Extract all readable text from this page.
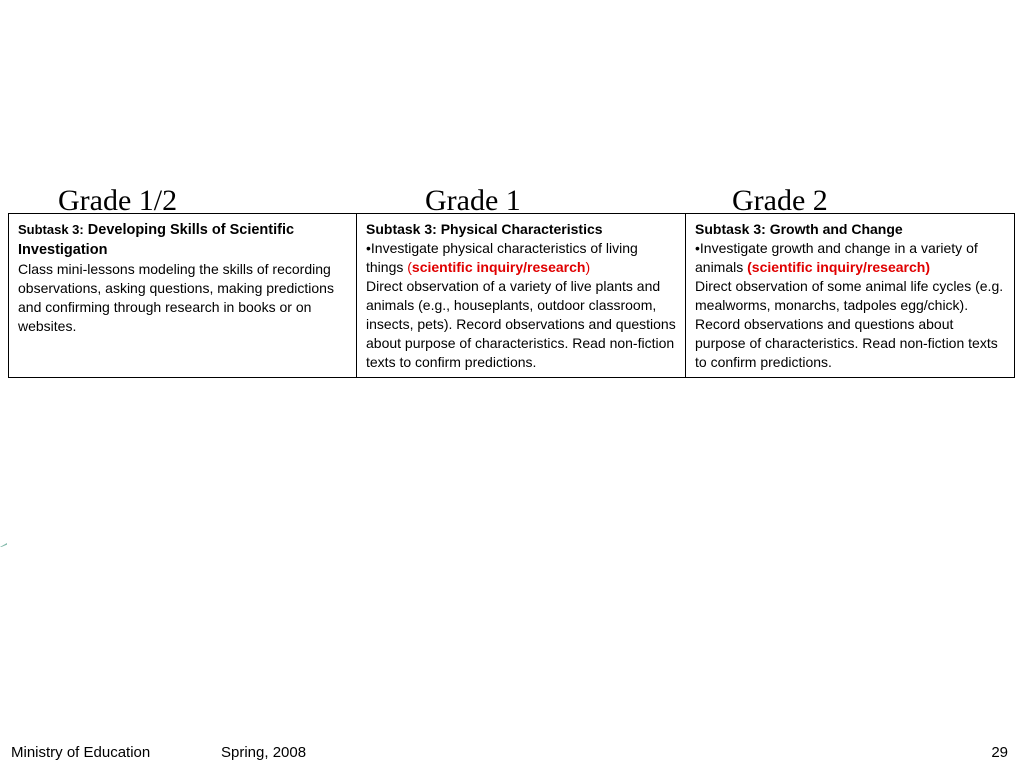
Grade 1/2	Grade 1	Grade 2
Subtask 3: Developing Skills of Scientific Investigation
Class mini-lessons modeling the skills of recording observations, asking questions, making predictions and confirming through research in books or on websites.	Subtask 3: Physical Characteristics
•Investigate physical characteristics of living things (scientific inquiry/research)
Direct observation of a variety of live plants and animals (e.g., houseplants, outdoor classroom, insects, pets). Record observations and questions about purpose of characteristics. Read non-fiction texts to confirm predictions.	Subtask 3: Growth and Change
•Investigate growth and change in a variety of animals (scientific inquiry/research)
Direct observation of some animal life cycles (e.g. mealworms, monarchs, tadpoles egg/chick). Record observations and questions about purpose of characteristics. Read non-fiction texts to confirm predictions.
Ministry of Education	Spring, 2008	29
